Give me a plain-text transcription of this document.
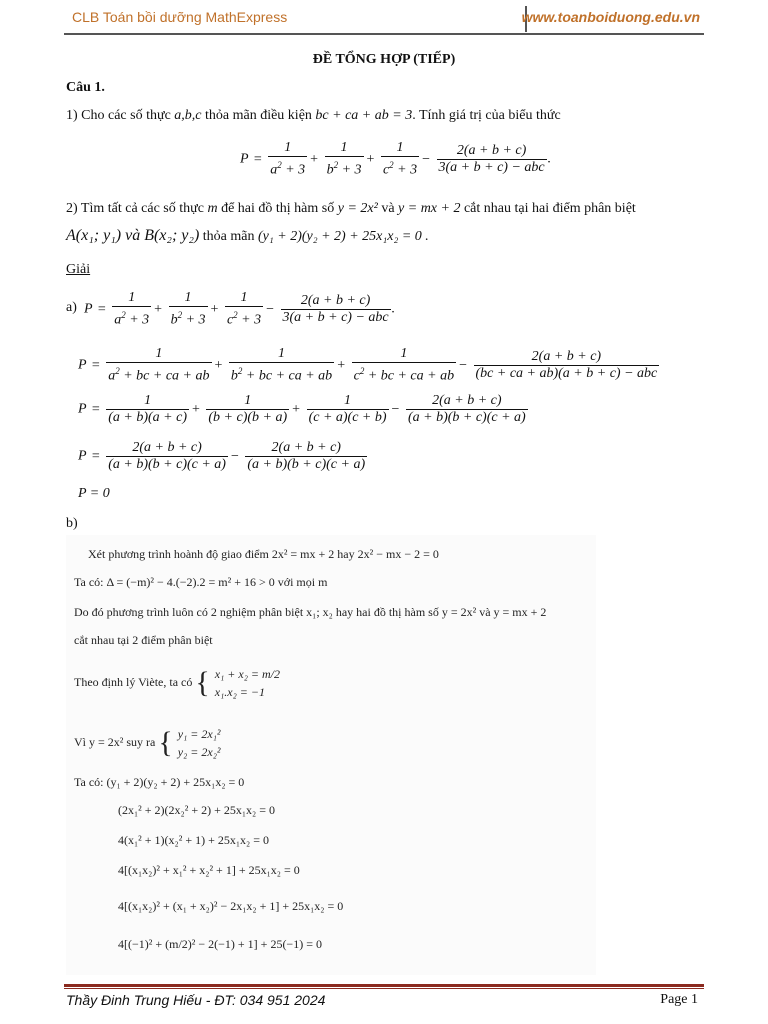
CLB Toán bồi dưỡng MathExpress	www.toanboiduong.edu.vn
ĐỀ TỔNG HỢP (TIẾP)
Câu 1.
1) Cho các số thực a,b,c thỏa mãn điều kiện bc + ca + ab = 3. Tính giá trị của biểu thức
$P = \frac{1}{a^2 + 3} + \frac{1}{b^2 + 3} + \frac{1}{c^2 + 3} - \frac{2(a + b + c)}{\text{3(a + b + c) − abc}}$ .
2) Tìm tất cả các số thực m để hai đồ thị hàm số y = 2x² và y = mx + 2 cắt nhau tại hai điểm phân biệt
A(x₁; y₁) và B(x₂; y₂) thỏa mãn (y₁ + 2)(y₂ + 2) + 25x₁x₂ = 0 .
Giải
a) $P = \frac{1}{a^2 + 3} + \frac{1}{b^2 + 3} + \frac{1}{c^2 + 3} - \frac{2(a + b + c)}{\text{3(a + b + c) − abc}}$ .
$P = \frac{1}{a^2 + bc + ca + ab} + \frac{1}{b^2 + bc + ca + ab} + \frac{1}{c^2 + bc + ca + ab} - \frac{2(a + b + c)}{\text{(bc + ca + ab)(a + b + c) − abc}}$
$P = \frac{1}{(a + b)(a + c)} + \frac{1}{(b + c)(b + a)} + \frac{1}{(c + a)(c + b)} - \frac{2(a + b + c)}{(a + b)(b + c)(c + a)}$
$P = \frac{2(a + b + c)}{(a + b)(b + c)(c + a)} - \frac{2(a + b + c)}{(a + b)(b + c)(c + a)}$
P = 0
b)
Xét phương trình hoành độ giao điểm 2x² = mx + 2 hay 2x² − mx − 2 = 0
Ta có: Δ = (−m)² − 4.(−2).2 = m² + 16 > 0 với mọi m
Do đó phương trình luôn có 2 nghiệm phân biệt x₁; x₂ hay hai đồ thị hàm số y = 2x² và y = mx + 2
cắt nhau tại 2 điểm phân biệt
Theo định lý Viète, ta có { x₁ + x₂ = m/2
x₁.x₂ = −1
Vì y = 2x² suy ra { y₁ = 2x₁²
y₂ = 2x₂²
Ta có: (y₁ + 2)(y₂ + 2) + 25x₁x₂ = 0
(2x₁² + 2)(2x₂² + 2) + 25x₁x₂ = 0
4(x₁² + 1)(x₂² + 1) + 25x₁x₂ = 0
4[(x₁x₂)² + x₁² + x₂² + 1] + 25x₁x₂ = 0
4[(x₁x₂)² + (x₁ + x₂)² − 2x₁x₂ + 1] + 25x₁x₂ = 0
4[(−1)² + (m/2)² − 2(−1) + 1] + 25(−1) = 0
Thầy Đinh Trung Hiếu - ĐT: 034 951 2024	Page 1
